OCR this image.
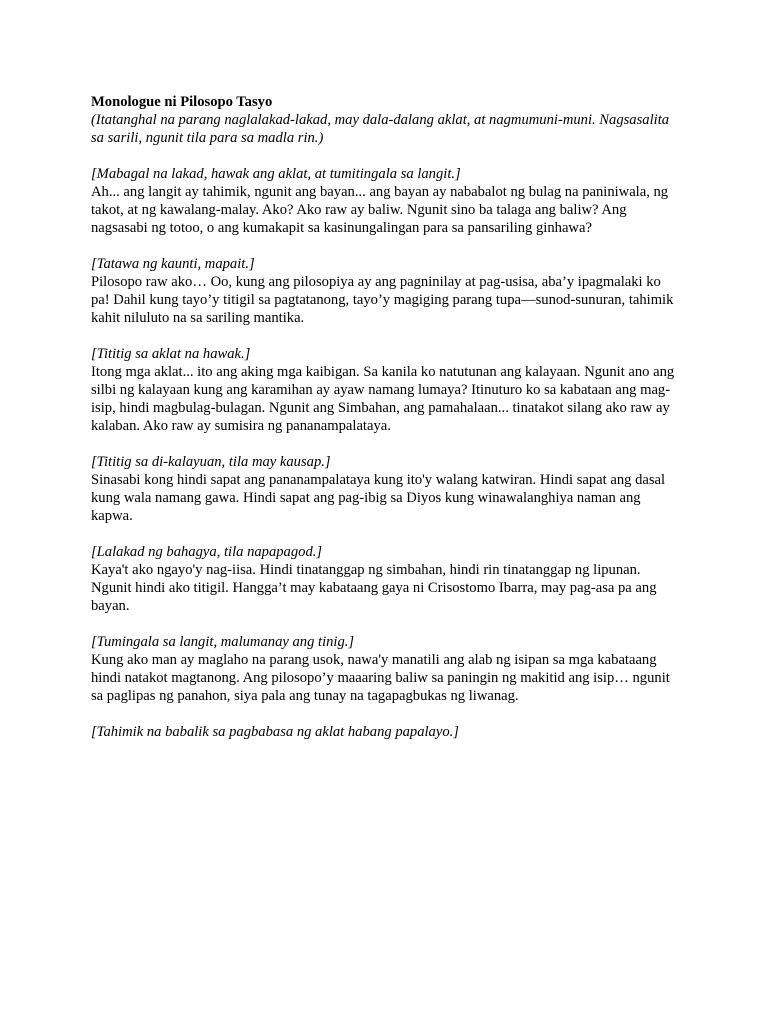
Monologue ni Pilosopo Tasyo

(Itatanghal na parang naglalakad-lakad, may dala-dalang aklat, at nagmumuni-muni. Nagsasalita sa sarili, ngunit tila para sa madla rin.)

[Mabagal na lakad, hawak ang aklat, at tumitingala sa langit.]

Ah... ang langit ay tahimik, ngunit ang bayan... ang bayan ay nababalot ng bulag na paniniwala, ng takot, at ng kawalang-malay. Ako? Ako raw ay baliw. Ngunit sino ba talaga ang baliw? Ang nagsasabi ng totoo, o ang kumakapit sa kasinungalingan para sa pansariling ginhawa?

[Tatawa ng kaunti, mapait.]

Pilosopo raw ako… Oo, kung ang pilosopiya ay ang pagninilay at pag-usisa, aba’y ipagmalaki ko pa! Dahil kung tayo’y titigil sa pagtatanong, tayo’y magiging parang tupa—sunod-sunuran, tahimik kahit niluluto na sa sariling mantika.

[Tititig sa aklat na hawak.]

Itong mga aklat... ito ang aking mga kaibigan. Sa kanila ko natutunan ang kalayaan. Ngunit ano ang silbi ng kalayaan kung ang karamihan ay ayaw namang lumaya? Itinuturo ko sa kabataan ang mag-isip, hindi magbulag-bulagan. Ngunit ang Simbahan, ang pamahalaan... tinatakot silang ako raw ay kalaban. Ako raw ay sumisira ng pananampalataya.

[Tititig sa di-kalayuan, tila may kausap.]

Sinasabi kong hindi sapat ang pananampalataya kung ito'y walang katwiran. Hindi sapat ang dasal kung wala namang gawa. Hindi sapat ang pag-ibig sa Diyos kung winawalanghiya naman ang kapwa.

[Lalakad ng bahagya, tila napapagod.]

Kaya't ako ngayo'y nag-iisa. Hindi tinatanggap ng simbahan, hindi rin tinatanggap ng lipunan. Ngunit hindi ako titigil. Hangga’t may kabataang gaya ni Crisostomo Ibarra, may pag-asa pa ang bayan.

[Tumingala sa langit, malumanay ang tinig.]

Kung ako man ay maglaho na parang usok, nawa'y manatili ang alab ng isipan sa mga kabataang hindi natakot magtanong. Ang pilosopo’y maaaring baliw sa paningin ng makitid ang isip… ngunit sa paglipas ng panahon, siya pala ang tunay na tagapagbukas ng liwanag.

[Tahimik na babalik sa pagbabasa ng aklat habang papalayo.]
